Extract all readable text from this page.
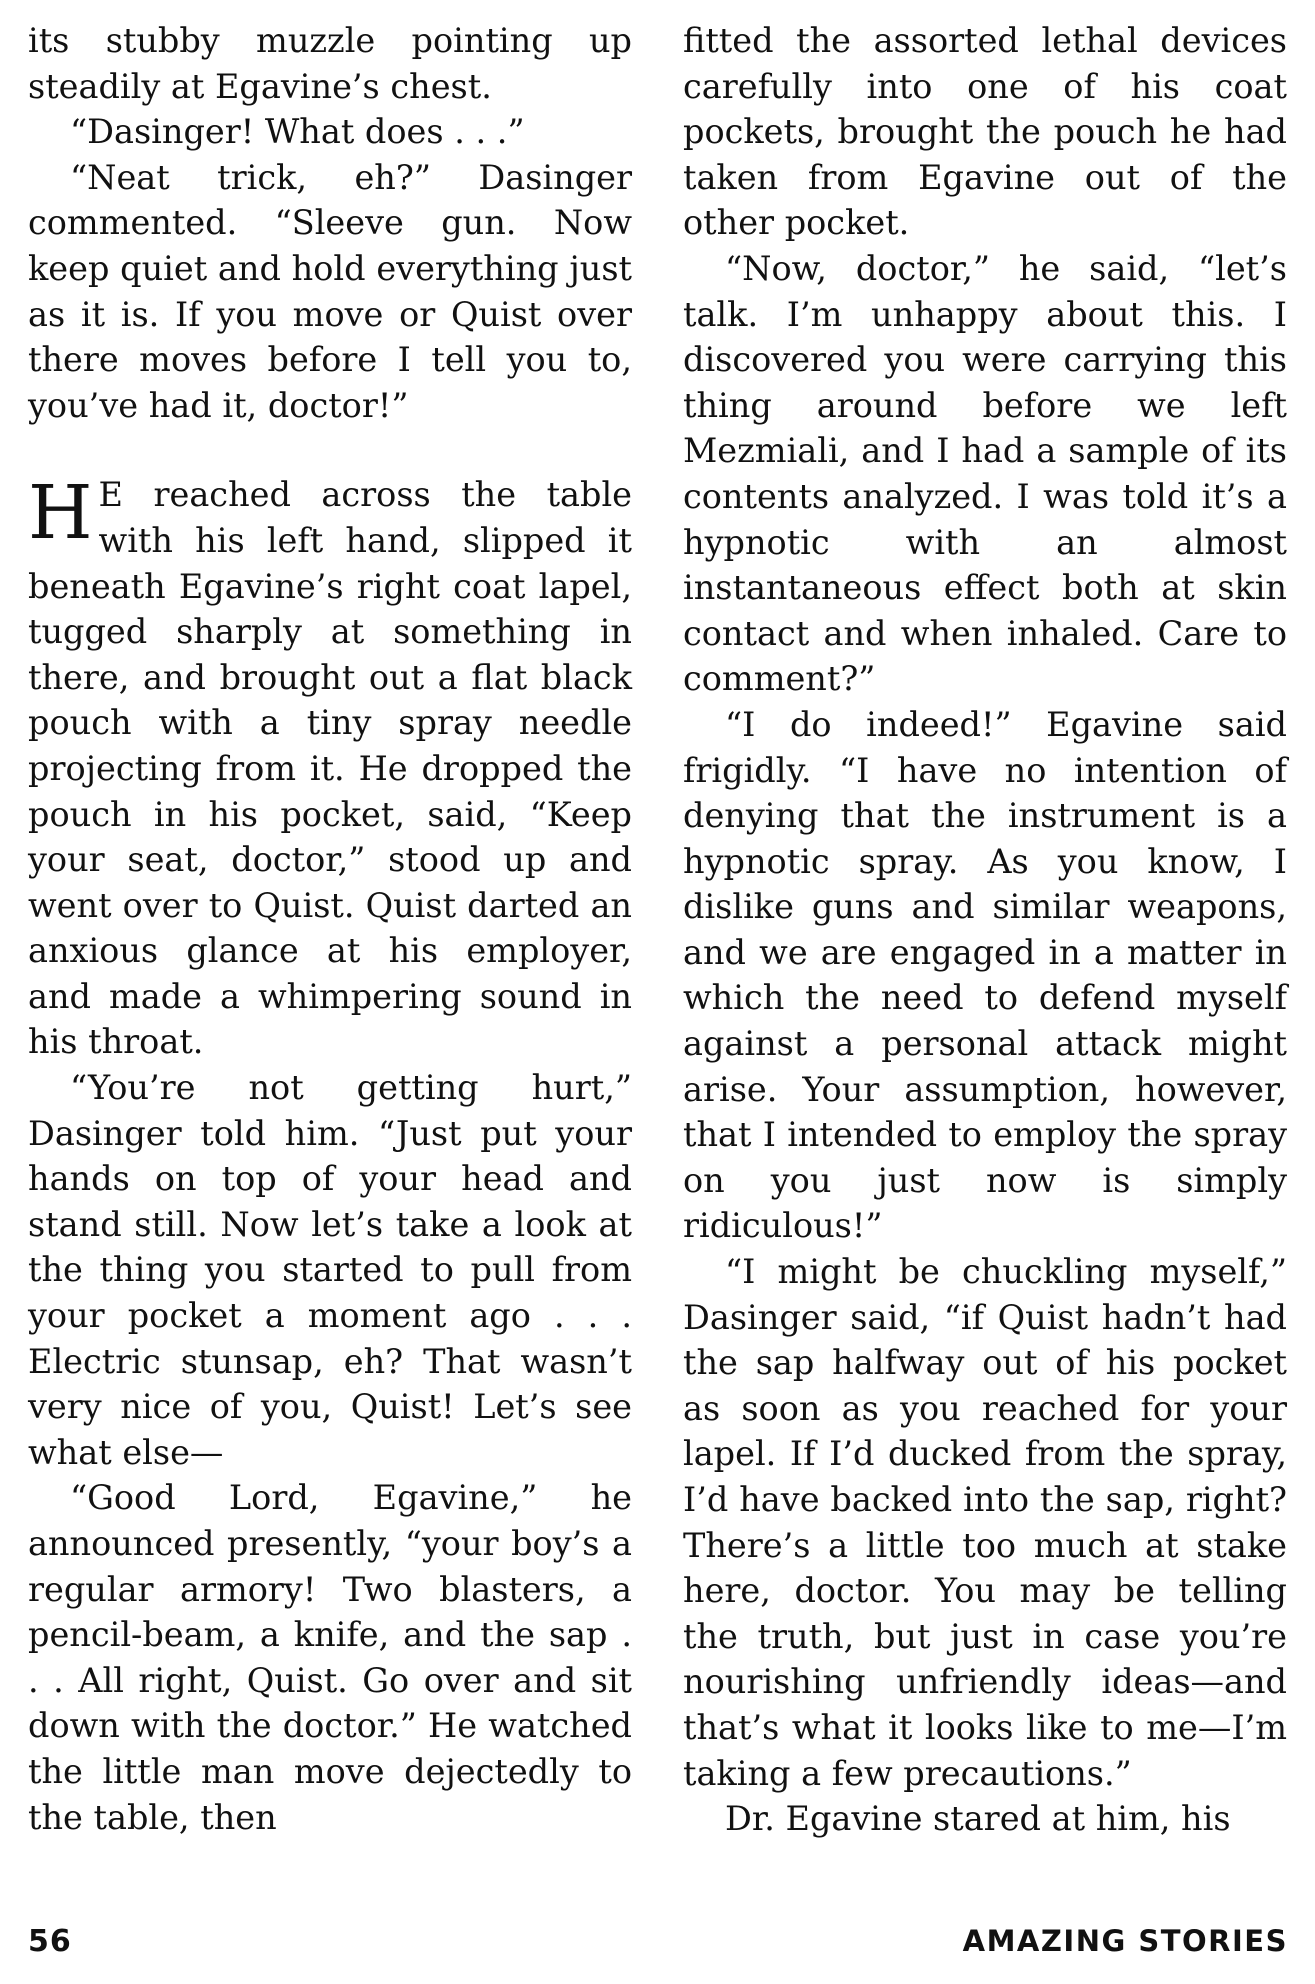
its stubby muzzle pointing up steadily at Egavine’s chest.

“Dasinger! What does . . .”

“Neat trick, eh?” Dasinger commented. “Sleeve gun. Now keep quiet and hold everything just as it is. If you move or Quist over there moves before I tell you to, you’ve had it, doctor!”

H E reached across the table with his left hand, slipped it beneath Egavine’s right coat lapel, tugged sharply at something in there, and brought out a flat black pouch with a tiny spray needle projecting from it. He dropped the pouch in his pocket, said, “Keep your seat, doctor,” stood up and went over to Quist. Quist darted an anxious glance at his employer, and made a whimpering sound in his throat.

“You’re not getting hurt,” Dasinger told him. “Just put your hands on top of your head and stand still. Now let’s take a look at the thing you started to pull from your pocket a moment ago . . . Electric stunsap, eh? That wasn’t very nice of you, Quist! Let’s see what else—

“Good Lord, Egavine,” he announced presently, “your boy’s a regular armory! Two blasters, a pencil-beam, a knife, and the sap . . . All right, Quist. Go over and sit down with the doctor.” He watched the little man move dejectedly to the table, then

fitted the assorted lethal devices carefully into one of his coat pockets, brought the pouch he had taken from Egavine out of the other pocket.

“Now, doctor,” he said, “let’s talk. I’m unhappy about this. I discovered you were carrying this thing around before we left Mezmiali, and I had a sample of its contents analyzed. I was told it’s a hypnotic with an almost instantaneous effect both at skin contact and when inhaled. Care to comment?”

“I do indeed!” Egavine said frigidly. “I have no intention of denying that the instrument is a hypnotic spray. As you know, I dislike guns and similar weapons, and we are engaged in a matter in which the need to defend myself against a personal attack might arise. Your assumption, however, that I intended to employ the spray on you just now is simply ridiculous!”

“I might be chuckling myself,” Dasinger said, “if Quist hadn’t had the sap halfway out of his pocket as soon as you reached for your lapel. If I’d ducked from the spray, I’d have backed into the sap, right? There’s a little too much at stake here, doctor. You may be telling the truth, but just in case you’re nourishing unfriendly ideas—and that’s what it looks like to me—I’m taking a few precautions.”

Dr. Egavine stared at him, his

56	AMAZING STORIES
